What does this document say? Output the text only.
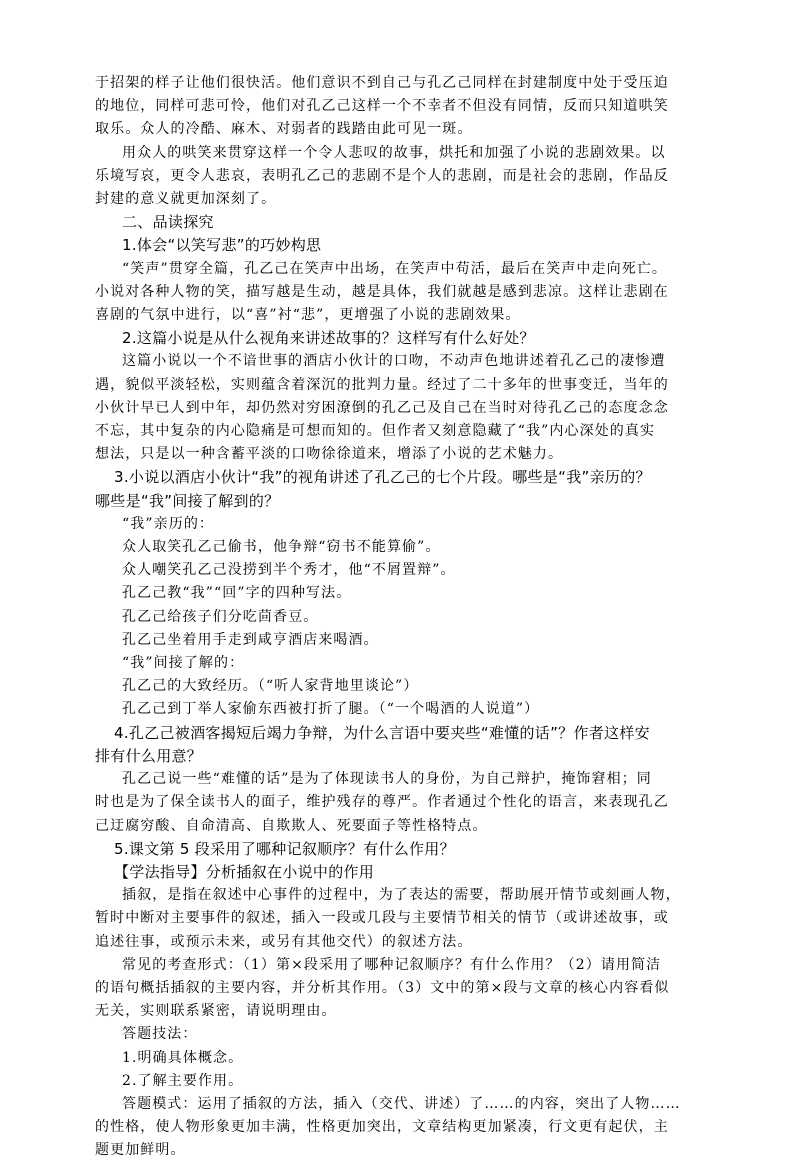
于招架的样子让他们很快活。他们意识不到自己与孔乙己同样在封建制度中处于受压迫
的地位，同样可悲可怜，他们对孔乙己这样一个不幸者不但没有同情，反而只知道哄笑
取乐。众人的冷酷、麻木、对弱者的践踏由此可见一斑。
用众人的哄笑来贯穿这样一个令人悲叹的故事，烘托和加强了小说的悲剧效果。以
乐境写哀，更令人悲哀，表明孔乙己的悲剧不是个人的悲剧，而是社会的悲剧，作品反
封建的意义就更加深刻了。
二、品读探究
1.体会“以笑写悲”的巧妙构思
“笑声”贯穿全篇，孔乙己在笑声中出场，在笑声中苟活，最后在笑声中走向死亡。
小说对各种人物的笑，描写越是生动，越是具体，我们就越是感到悲凉。这样让悲剧在
喜剧的气氛中进行，以“喜”衬“悲”，更增强了小说的悲剧效果。
2.这篇小说是从什么视角来讲述故事的？这样写有什么好处？
这篇小说以一个不谙世事的酒店小伙计的口吻，不动声色地讲述着孔乙己的凄惨遭
遇，貌似平淡轻松，实则蕴含着深沉的批判力量。经过了二十多年的世事变迁，当年的
小伙计早已人到中年，却仍然对穷困潦倒的孔乙己及自己在当时对待孔乙己的态度念念
不忘，其中复杂的内心隐痛是可想而知的。但作者又刻意隐藏了“我”内心深处的真实
想法，只是以一种含蓄平淡的口吻徐徐道来，增添了小说的艺术魅力。
3.小说以酒店小伙计“我”的视角讲述了孔乙己的七个片段。哪些是“我”亲历的？
哪些是“我”间接了解到的？
“我”亲历的：
众人取笑孔乙己偷书，他争辩“窃书不能算偷”。
众人嘲笑孔乙己没捞到半个秀才，他“不屑置辩”。
孔乙己教“我”“回”字的四种写法。
孔乙己给孩子们分吃茴香豆。
孔乙己坐着用手走到咸亨酒店来喝酒。
“我”间接了解的：
孔乙己的大致经历。（“听人家背地里谈论”）
孔乙己到丁举人家偷东西被打折了腿。（“一个喝酒的人说道”）
4.孔乙己被酒客揭短后竭力争辩，为什么言语中要夹些“难懂的话”？作者这样安
排有什么用意？
孔乙己说一些“难懂的话”是为了体现读书人的身份，为自己辩护，掩饰窘相；同
时也是为了保全读书人的面子，维护残存的尊严。作者通过个性化的语言，来表现孔乙
己迂腐穷酸、自命清高、自欺欺人、死要面子等性格特点。
5.课文第 5 段采用了哪种记叙顺序？有什么作用？
【学法指导】分析插叙在小说中的作用
插叙，是指在叙述中心事件的过程中，为了表达的需要，帮助展开情节或刻画人物，
暂时中断对主要事件的叙述，插入一段或几段与主要情节相关的情节（或讲述故事，或
追述往事，或预示未来，或另有其他交代）的叙述方法。
常见的考查形式：（1）第×段采用了哪种记叙顺序？有什么作用？（2）请用简洁
的语句概括插叙的主要内容，并分析其作用。（3）文中的第×段与文章的核心内容看似
无关，实则联系紧密，请说明理由。
答题技法：
1.明确具体概念。
2.了解主要作用。
答题模式：运用了插叙的方法，插入（交代、讲述）了……的内容，突出了人物……
的性格，使人物形象更加丰满，性格更加突出，文章结构更加紧凑，行文更有起伏，主
题更加鲜明。
